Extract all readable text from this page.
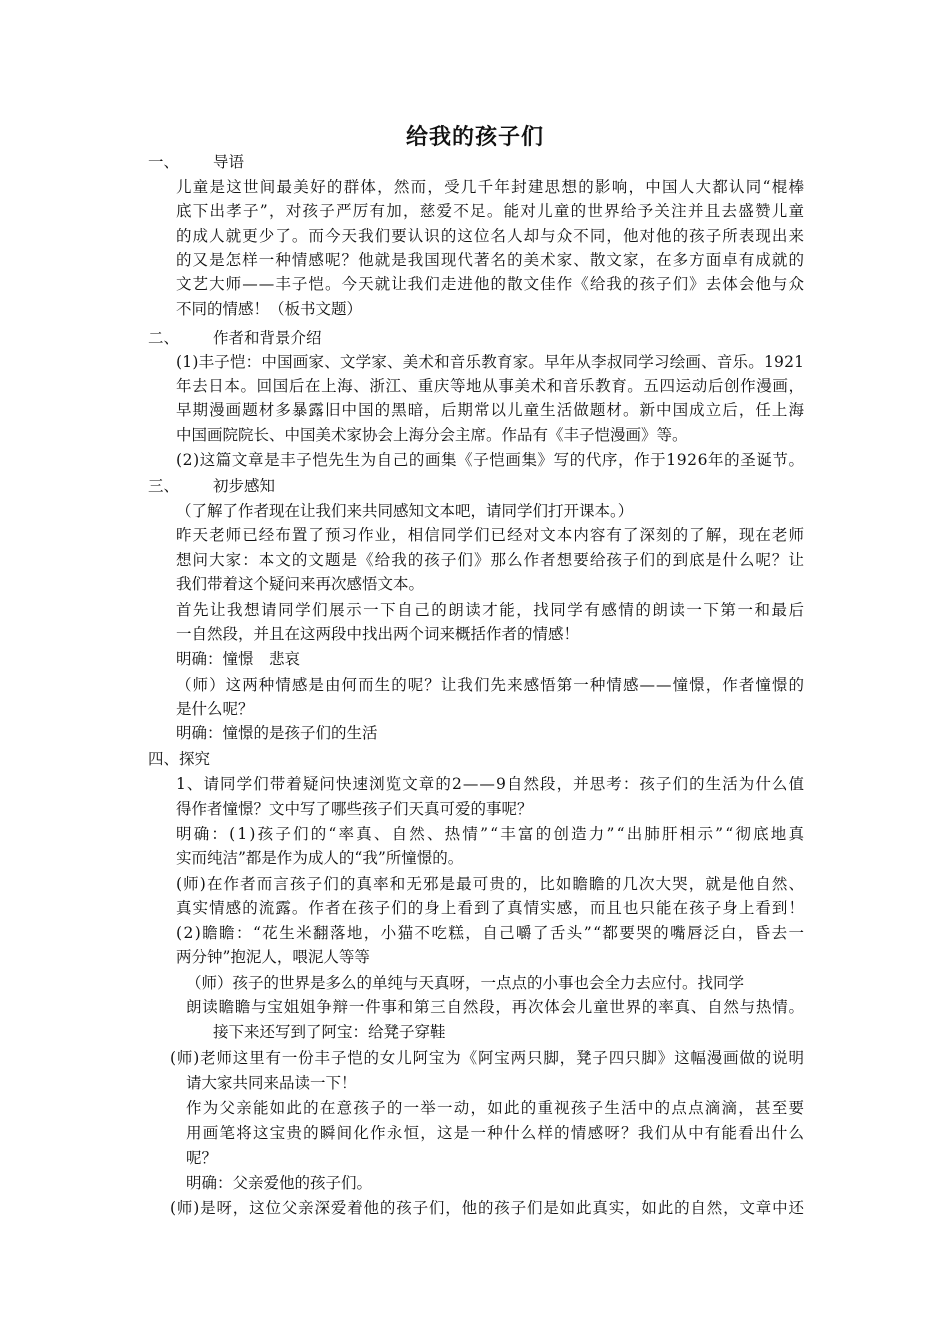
给我的孩子们
一、 导语
二、 作者和背景介绍
三、 初步感知
四、探究
儿童是这世间最美好的群体，然而，受几千年封建思想的影响，中国人大都认同“棍棒
底下出孝子”，对孩子严厉有加，慈爱不足。能对儿童的世界给予关注并且去盛赞儿童
的成人就更少了。而今天我们要认识的这位名人却与众不同，他对他的孩子所表现出来
的又是怎样一种情感呢？他就是我国现代著名的美术家、散文家，在多方面卓有成就的
文艺大师——丰子恺。今天就让我们走进他的散文佳作《给我的孩子们》去体会他与众
不同的情感！（板书文题）
(1)丰子恺：中国画家、文学家、美术和音乐教育家。早年从李叔同学习绘画、音乐。1921
年去日本。回国后在上海、浙江、重庆等地从事美术和音乐教育。五四运动后创作漫画，
早期漫画题材多暴露旧中国的黑暗，后期常以儿童生活做题材。新中国成立后，任上海
中国画院院长、中国美术家协会上海分会主席。作品有《丰子恺漫画》等。
(2)这篇文章是丰子恺先生为自己的画集《子恺画集》写的代序，作于1926年的圣诞节。
（了解了作者现在让我们来共同感知文本吧，请同学们打开课本。）
昨天老师已经布置了预习作业，相信同学们已经对文本内容有了深刻的了解，现在老师
想问大家：本文的文题是《给我的孩子们》那么作者想要给孩子们的到底是什么呢？让
我们带着这个疑问来再次感悟文本。
首先让我想请同学们展示一下自己的朗读才能，找同学有感情的朗读一下第一和最后
一自然段，并且在这两段中找出两个词来概括作者的情感！
明确：憧憬　悲哀
（师）这两种情感是由何而生的呢？让我们先来感悟第一种情感——憧憬，作者憧憬的
是什么呢？
明确：憧憬的是孩子们的生活
1、请同学们带着疑问快速浏览文章的2——9自然段，并思考：孩子们的生活为什么值
得作者憧憬？文中写了哪些孩子们天真可爱的事呢？
明确：(1)孩子们的“率真、自然、热情”“丰富的创造力”“出肺肝相示”“彻底地真
实而纯洁”都是作为成人的“我”所憧憬的。
(师)在作者而言孩子们的真率和无邪是最可贵的，比如瞻瞻的几次大哭，就是他自然、
真实情感的流露。作者在孩子们的身上看到了真情实感，而且也只能在孩子身上看到！
(2)瞻瞻：“花生米翻落地，小猫不吃糕，自己嚼了舌头”“都要哭的嘴唇泛白，昏去一
两分钟”抱泥人，喂泥人等等
（师）孩子的世界是多么的单纯与天真呀，一点点的小事也会全力去应付。找同学
朗读瞻瞻与宝姐姐争辩一件事和第三自然段，再次体会儿童世界的率真、自然与热情。
接下来还写到了阿宝：给凳子穿鞋
(师)老师这里有一份丰子恺的女儿阿宝为《阿宝两只脚，凳子四只脚》这幅漫画做的说明
请大家共同来品读一下！
作为父亲能如此的在意孩子的一举一动，如此的重视孩子生活中的点点滴滴，甚至要
用画笔将这宝贵的瞬间化作永恒，这是一种什么样的情感呀？我们从中有能看出什么
呢？
明确：父亲爱他的孩子们。
(师)是呀，这位父亲深爱着他的孩子们，他的孩子们是如此真实，如此的自然，文章中还
